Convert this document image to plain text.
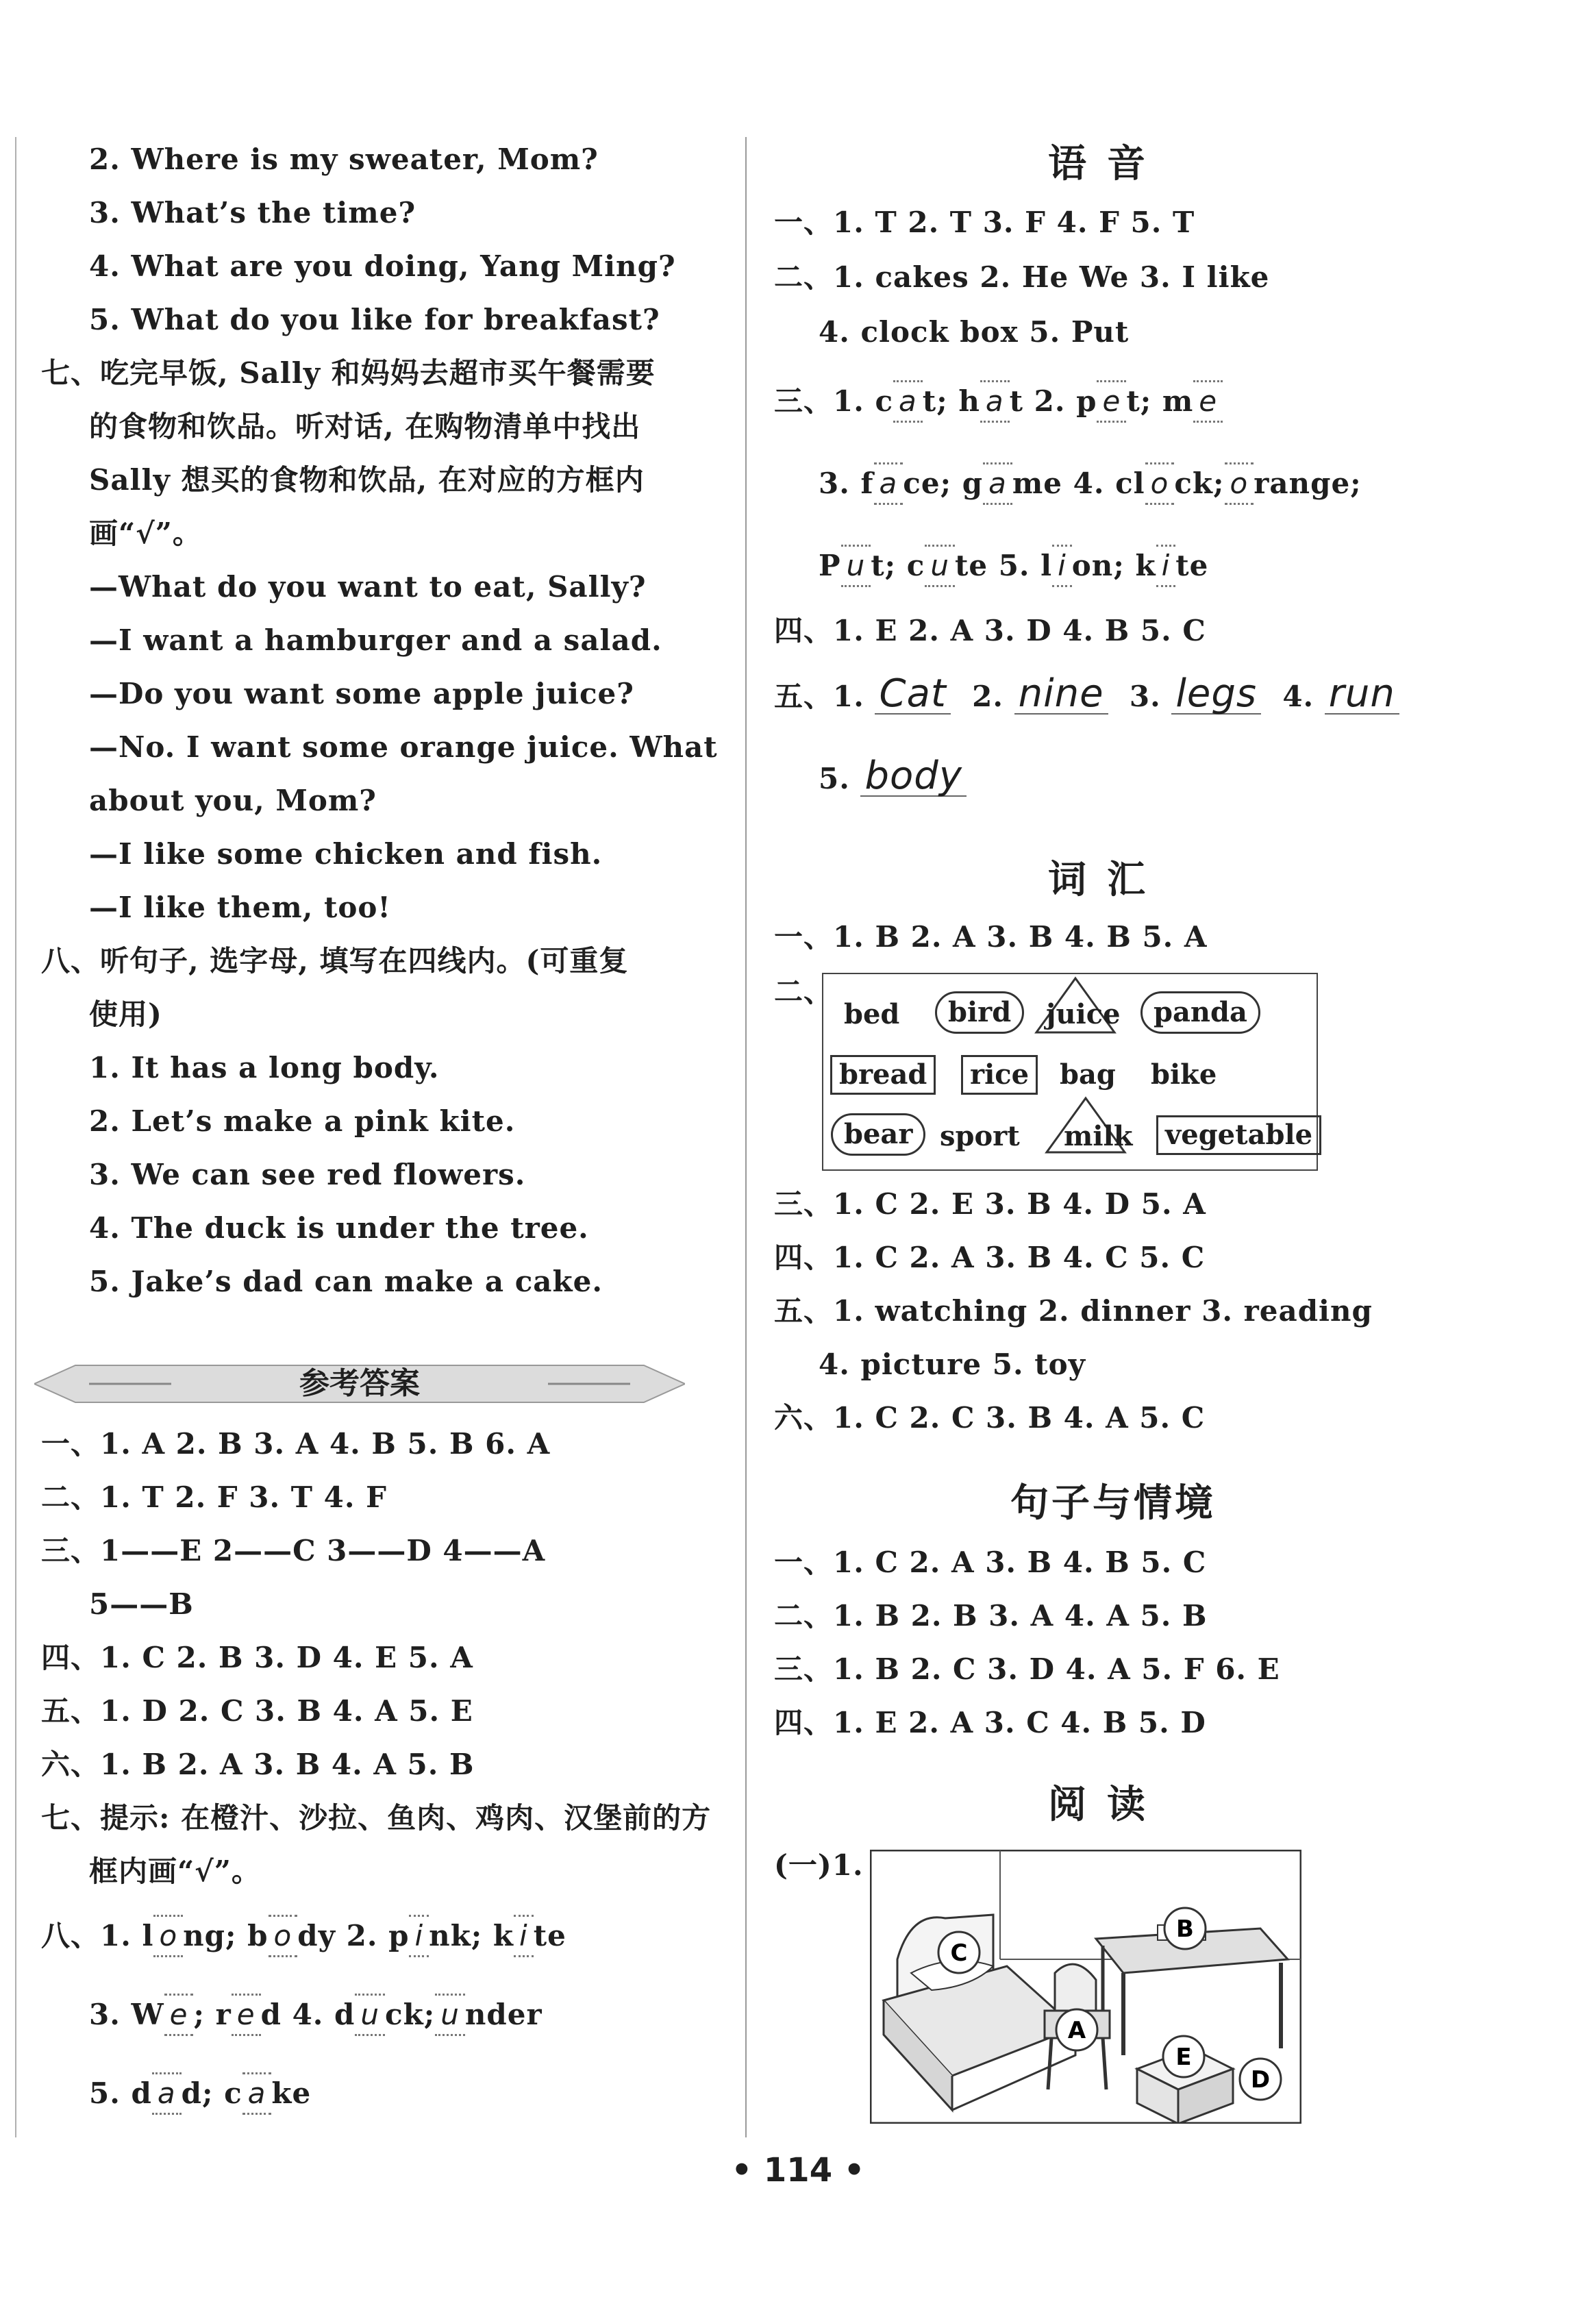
2. Where is my sweater, Mom?
3. What’s the time?
4. What are you doing, Yang Ming?
5. What do you like for breakfast?
七、吃完早饭, Sally 和妈妈去超市买午餐需要
的食物和饮品。听对话, 在购物清单中找出
Sally 想买的食物和饮品, 在对应的方框内
画“√”。
—What do you want to eat, Sally?
—I want a hamburger and a salad.
—Do you want some apple juice?
—No. I want some orange juice. What
about you, Mom?
—I like some chicken and fish.
—I like them, too!
八、听句子, 选字母, 填写在四线内。(可重复
使用)
1. It has a long body.
2. Let’s make a pink kite.
3. We can see red flowers.
4. The duck is under the tree.
5. Jake’s dad can make a cake.
参考答案
一、1. A 2. B 3. A 4. B 5. B 6. A
二、1. T 2. F 3. T 4. F
三、1——E 2——C 3——D 4——A
5——B
四、1. C 2. B 3. D 4. E 5. A
五、1. D 2. C 3. B 4. A 5. E
六、1. B 2. A 3. B 4. A 5. B
七、提示: 在橙汁、沙拉、鱼肉、鸡肉、汉堡前的方
框内画“√”。
八、1. l o ng; b o dy 2. p i nk; k i te
3. W e ; r e d 4. d u ck; u nder
5. d a d; c a ke
语音
一、1. T 2. T 3. F 4. F 5. T
二、1. cakes 2. He We 3. I like
4. clock box 5. Put
三、1. c a t; h a t 2. p e t; m e
3. f a ce; g a me 4. cl o ck; o range;
P u t; c u te 5. l i on; k i te
四、1. E 2. A 3. D 4. B 5. C
五、1. Cat 2. nine 3. legs 4. run
5. body
词汇
一、1. B 2. A 3. B 4. B 5. A
二、
bed	bird	juice	panda
bread	rice	bag bike
bear sport milk	vegetable
三、1. C 2. E 3. B 4. D 5. A
四、1. C 2. A 3. B 4. C 5. C
五、1. watching 2. dinner 3. reading
4. picture 5. toy
六、1. C 2. C 3. B 4. A 5. C
句子与情境
一、1. C 2. A 3. B 4. B 5. C
二、1. B 2. B 3. A 4. A 5. B
三、1. B 2. C 3. D 4. A 5. F 6. E
四、1. E 2. A 3. C 4. B 5. D
阅读
(一)1.
C
B
A
E
D
• 114 •
